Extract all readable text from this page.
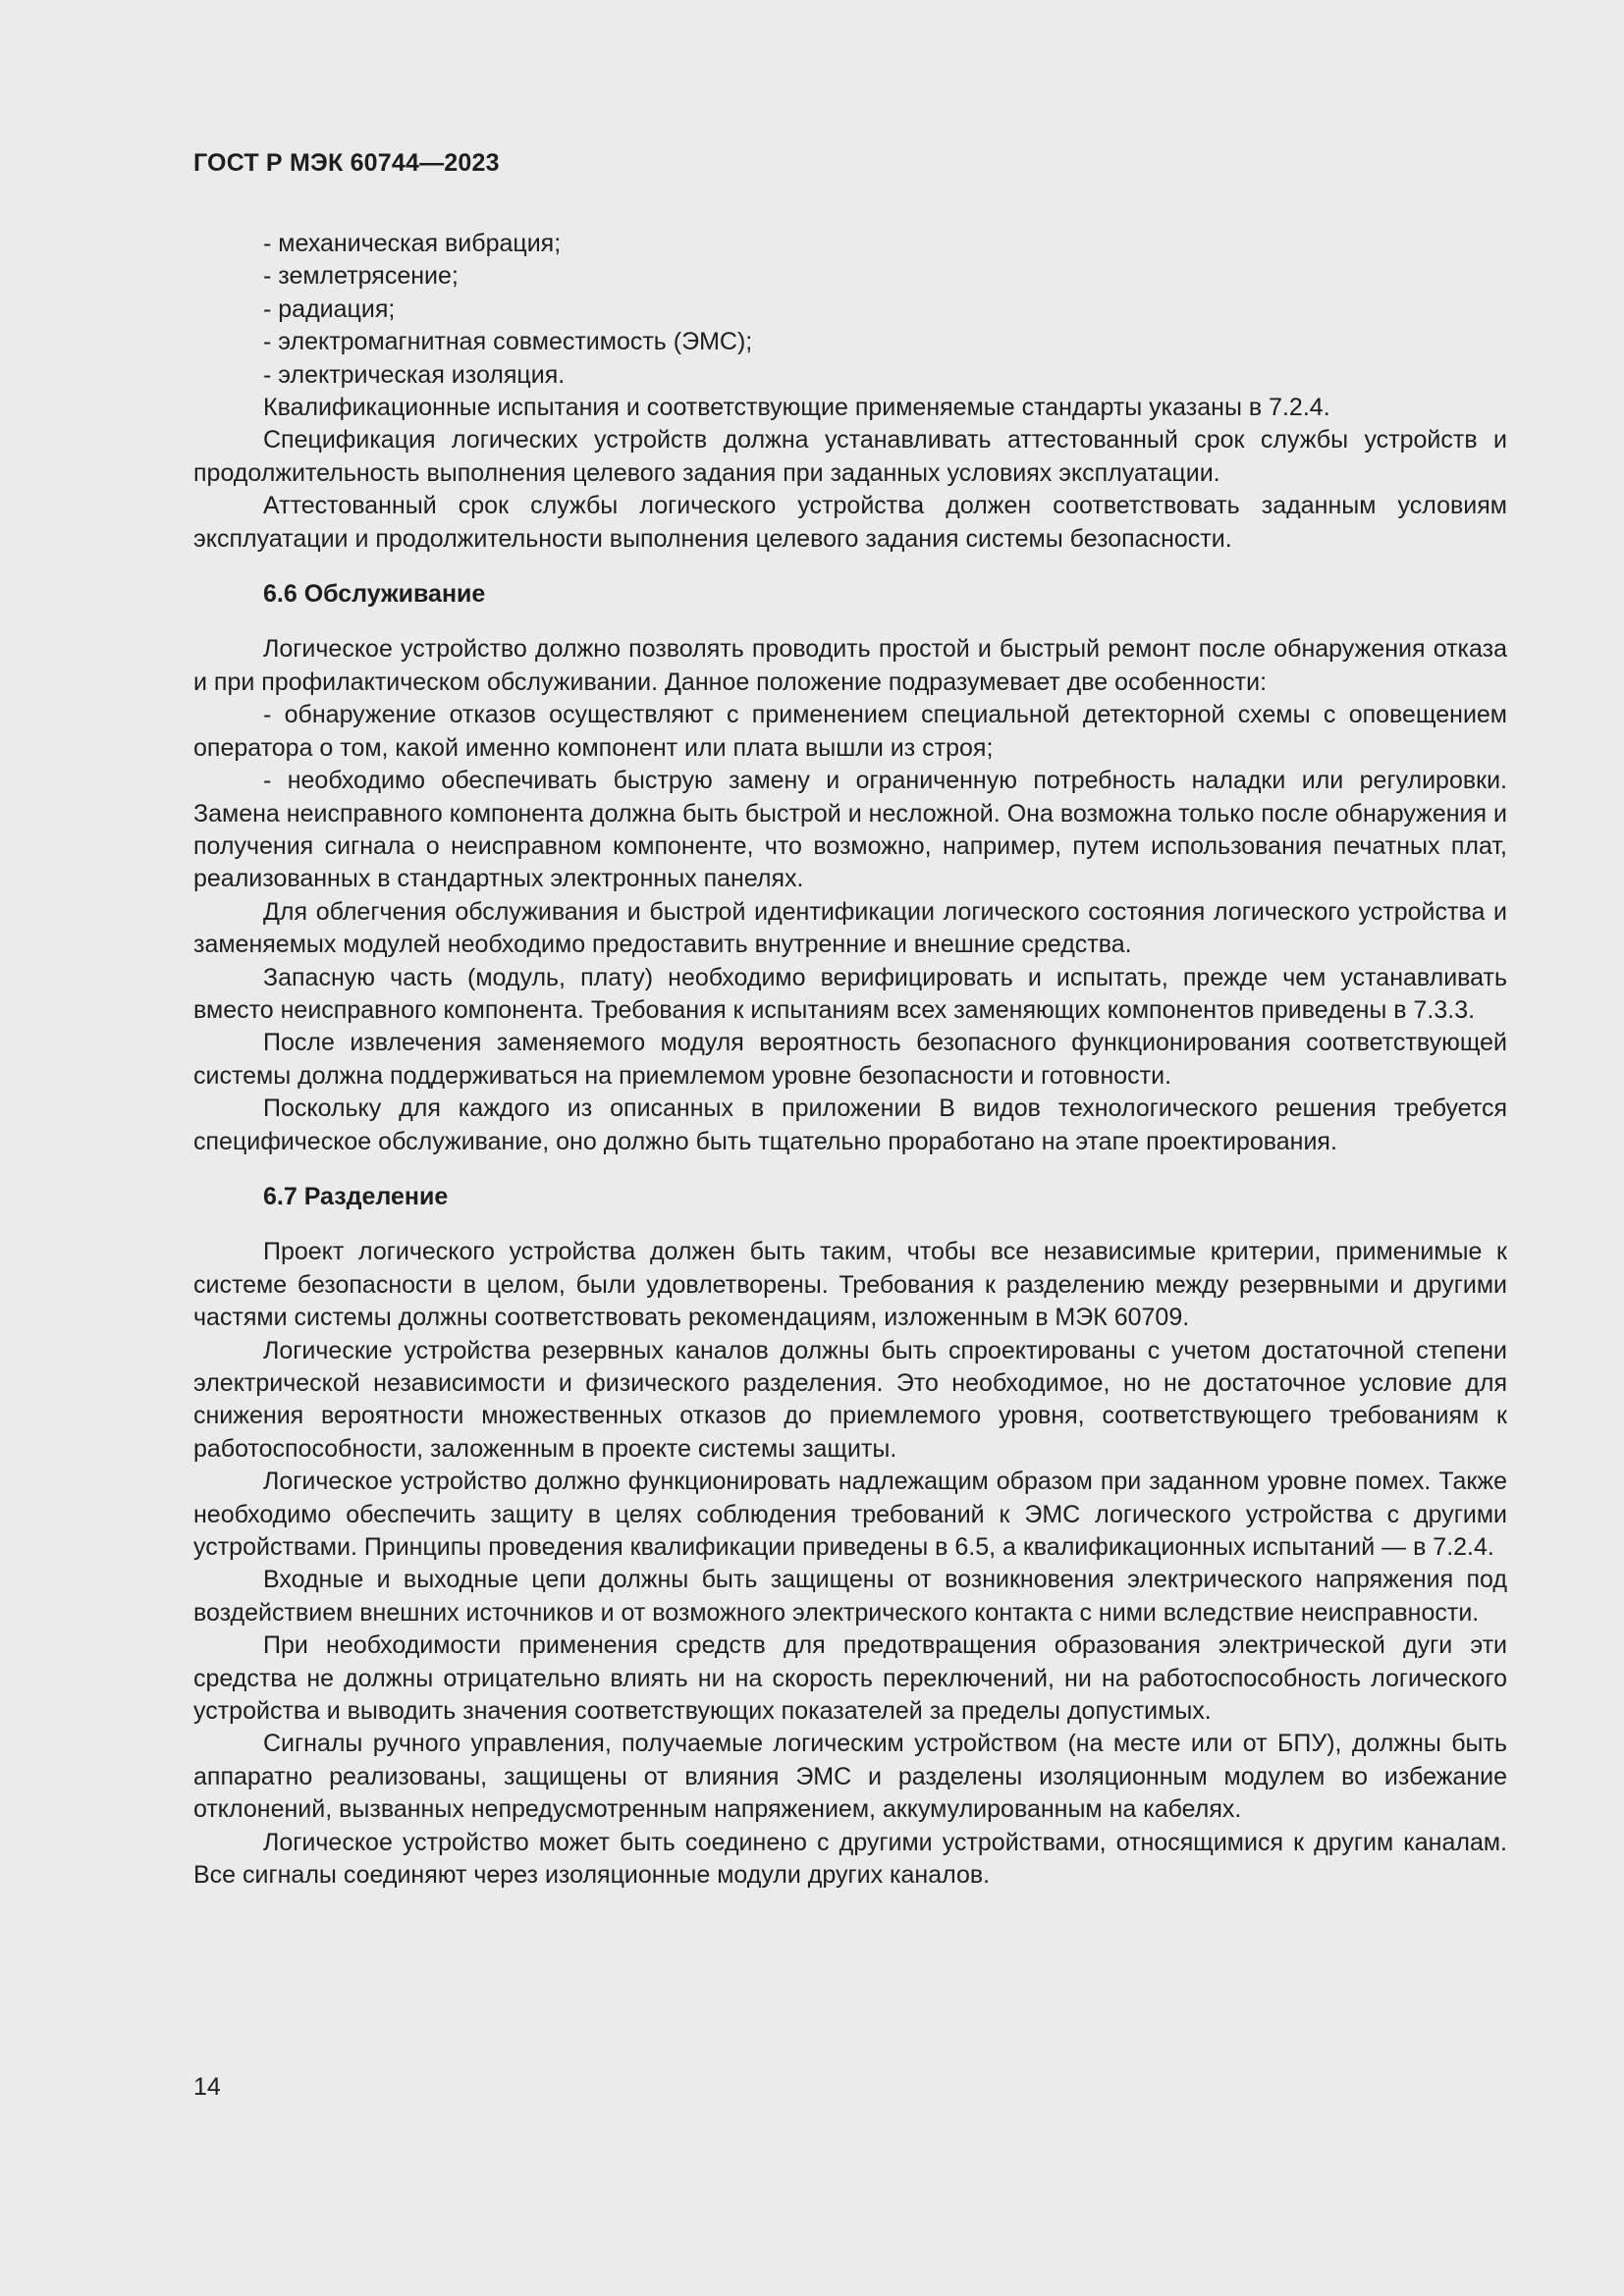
ГОСТ Р МЭК 60744—2023

- механическая вибрация;

- землетрясение;

- радиация;

- электромагнитная совместимость (ЭМС);

- электрическая изоляция.

Квалификационные испытания и соответствующие применяемые стандарты указаны в 7.2.4.

Спецификация логических устройств должна устанавливать аттестованный срок службы устройств и продолжительность выполнения целевого задания при заданных условиях эксплуатации.

Аттестованный срок службы логического устройства должен соответствовать заданным условиям эксплуатации и продолжительности выполнения целевого задания системы безопасности.

6.6 Обслуживание

Логическое устройство должно позволять проводить простой и быстрый ремонт после обнаружения отказа и при профилактическом обслуживании. Данное положение подразумевает две особенности:

- обнаружение отказов осуществляют с применением специальной детекторной схемы с оповещением оператора о том, какой именно компонент или плата вышли из строя;

- необходимо обеспечивать быструю замену и ограниченную потребность наладки или регулировки. Замена неисправного компонента должна быть быстрой и несложной. Она возможна только после обнаружения и получения сигнала о неисправном компоненте, что возможно, например, путем использования печатных плат, реализованных в стандартных электронных панелях.

Для облегчения обслуживания и быстрой идентификации логического состояния логического устройства и заменяемых модулей необходимо предоставить внутренние и внешние средства.

Запасную часть (модуль, плату) необходимо верифицировать и испытать, прежде чем устанавливать вместо неисправного компонента. Требования к испытаниям всех заменяющих компонентов приведены в 7.3.3.

После извлечения заменяемого модуля вероятность безопасного функционирования соответствующей системы должна поддерживаться на приемлемом уровне безопасности и готовности.

Поскольку для каждого из описанных в приложении В видов технологического решения требуется специфическое обслуживание, оно должно быть тщательно проработано на этапе проектирования.

6.7 Разделение

Проект логического устройства должен быть таким, чтобы все независимые критерии, применимые к системе безопасности в целом, были удовлетворены. Требования к разделению между резервными и другими частями системы должны соответствовать рекомендациям, изложенным в МЭК 60709.

Логические устройства резервных каналов должны быть спроектированы с учетом достаточной степени электрической независимости и физического разделения. Это необходимое, но не достаточное условие для снижения вероятности множественных отказов до приемлемого уровня, соответствующего требованиям к работоспособности, заложенным в проекте системы защиты.

Логическое устройство должно функционировать надлежащим образом при заданном уровне помех. Также необходимо обеспечить защиту в целях соблюдения требований к ЭМС логического устройства с другими устройствами. Принципы проведения квалификации приведены в 6.5, а квалификационных испытаний — в 7.2.4.

Входные и выходные цепи должны быть защищены от возникновения электрического напряжения под воздействием внешних источников и от возможного электрического контакта с ними вследствие неисправности.

При необходимости применения средств для предотвращения образования электрической дуги эти средства не должны отрицательно влиять ни на скорость переключений, ни на работоспособность логического устройства и выводить значения соответствующих показателей за пределы допустимых.

Сигналы ручного управления, получаемые логическим устройством (на месте или от БПУ), должны быть аппаратно реализованы, защищены от влияния ЭМС и разделены изоляционным модулем во избежание отклонений, вызванных непредусмотренным напряжением, аккумулированным на кабелях.

Логическое устройство может быть соединено с другими устройствами, относящимися к другим каналам. Все сигналы соединяют через изоляционные модули других каналов.

14
